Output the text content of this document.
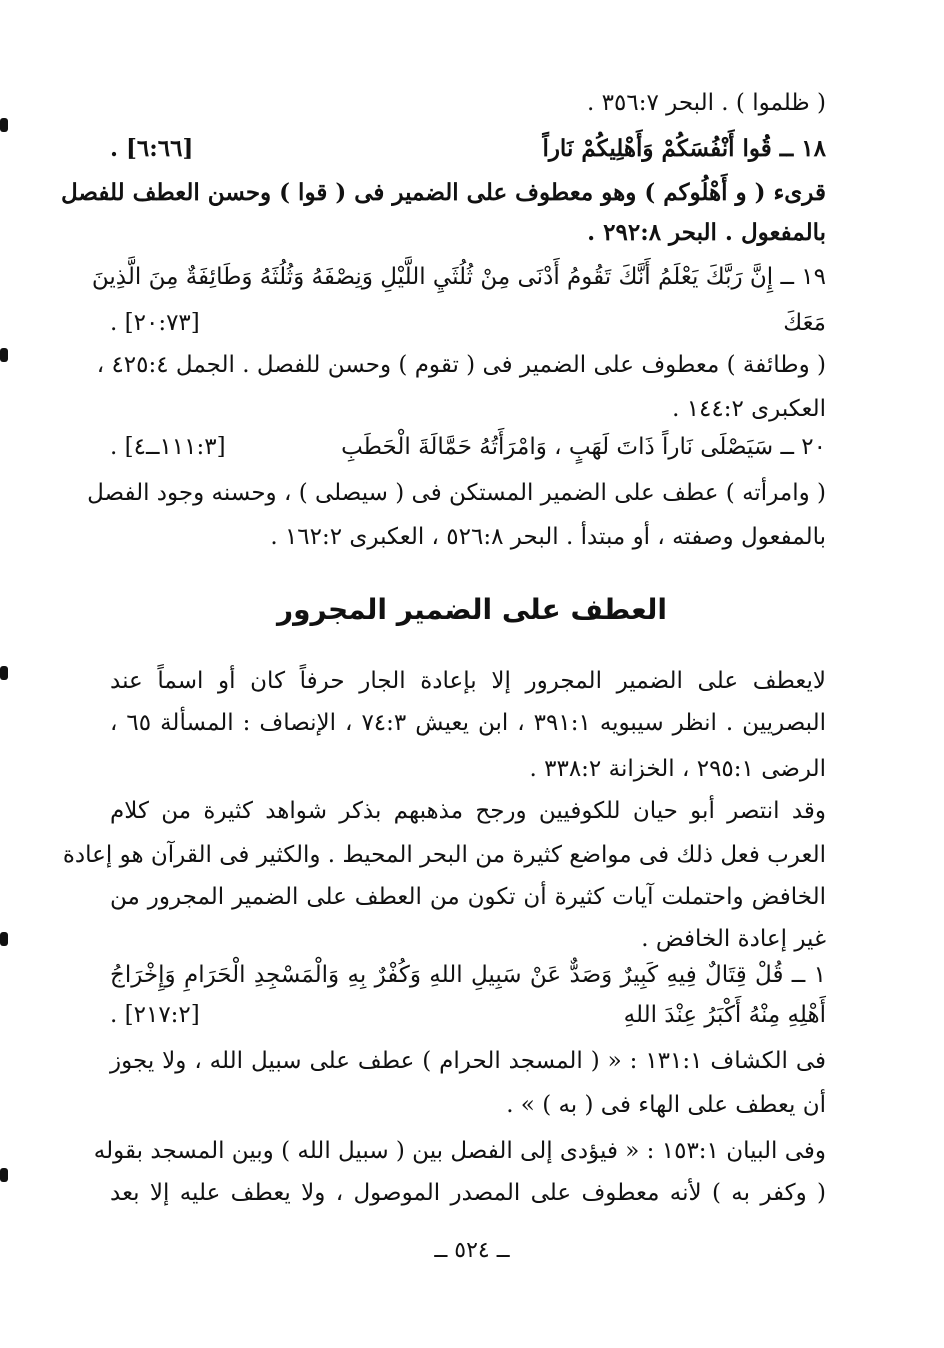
( ظلموا ) . البحر ٣٥٦:٧ .
١٨ ــ قُوا أَنْفُسَكُمْ وَأَهْلِيكُمْ نَاراً
[٦:٦٦] .
قرىء ( و أَهْلُوكم ) وهو معطوف على الضمير فى ( قوا ) وحسن العطف للفصل
بالمفعول . البحر ٢٩٢:٨ .
١٩ ــ إِنَّ رَبَّكَ يَعْلَمُ أَنَّكَ تَقُومُ أَدْنَى مِنْ ثُلُثَيِ اللَّيْلِ وَنِصْفَهُ وَثُلُثَهُ وَطَائِفَةٌ مِنَ الَّذِينَ
مَعَكَ
[٢٠:٧٣] .
( وطائفة ) معطوف على الضمير فى ( تقوم ) وحسن للفصل . الجمل ٤٢٥:٤ ،
العكبرى ١٤٤:٢ .
٢٠ ــ سَيَصْلَى نَاراً ذَاتَ لَهَبٍ ، وَامْرَأَتُهُ حَمَّالَةَ الْحَطَبِ
[١١١:٣ــ٤] .
( وامرأته ) عطف على الضمير المستكن فى ( سيصلى ) ، وحسنه وجود الفصل
بالمفعول وصفته ، أو مبتدأ . البحر ٥٢٦:٨ ، العكبرى ١٦٢:٢ .
العطف على الضمير المجرور
لايعطف على الضمير المجرور إلا بإعادة الجار حرفاً كان أو اسماً عند
البصريين . انظر سيبويه ٣٩١:١ ، ابن يعيش ٧٤:٣ ، الإنصاف : المسألة ٦٥ ،
الرضى ٢٩٥:١ ، الخزانة ٣٣٨:٢ .
وقد انتصر أبو حيان للكوفيين ورجح مذهبهم بذكر شواهد كثيرة من كلام
العرب فعل ذلك فى مواضع كثيرة من البحر المحيط . والكثير فى القرآن هو إعادة
الخافض واحتملت آيات كثيرة أن تكون من العطف على الضمير المجرور من
غير إعادة الخافض .
١ ــ قُلْ قِتَالٌ فِيهِ كَبِيرٌ وَصَدٌّ عَنْ سَبِيلِ اللهِ وَكُفْرٌ بِهِ وَالْمَسْجِدِ الْحَرَامِ وَإِخْرَاجُ
أَهْلِهِ مِنْهُ أَكْبَرُ عِنْدَ اللهِ
[٢١٧:٢] .
فى الكشاف ١٣١:١ : « ( المسجد الحرام ) عطف على سبيل الله ، ولا يجوز
أن يعطف على الهاء فى ( به ) » .
وفى البيان ١٥٣:١ : « فيؤدى إلى الفصل بين ( سبيل الله ) وبين المسجد بقوله
( وكفر به ) لأنه معطوف على المصدر الموصول ، ولا يعطف عليه إلا بعد
ــ ٥٢٤ ــ
